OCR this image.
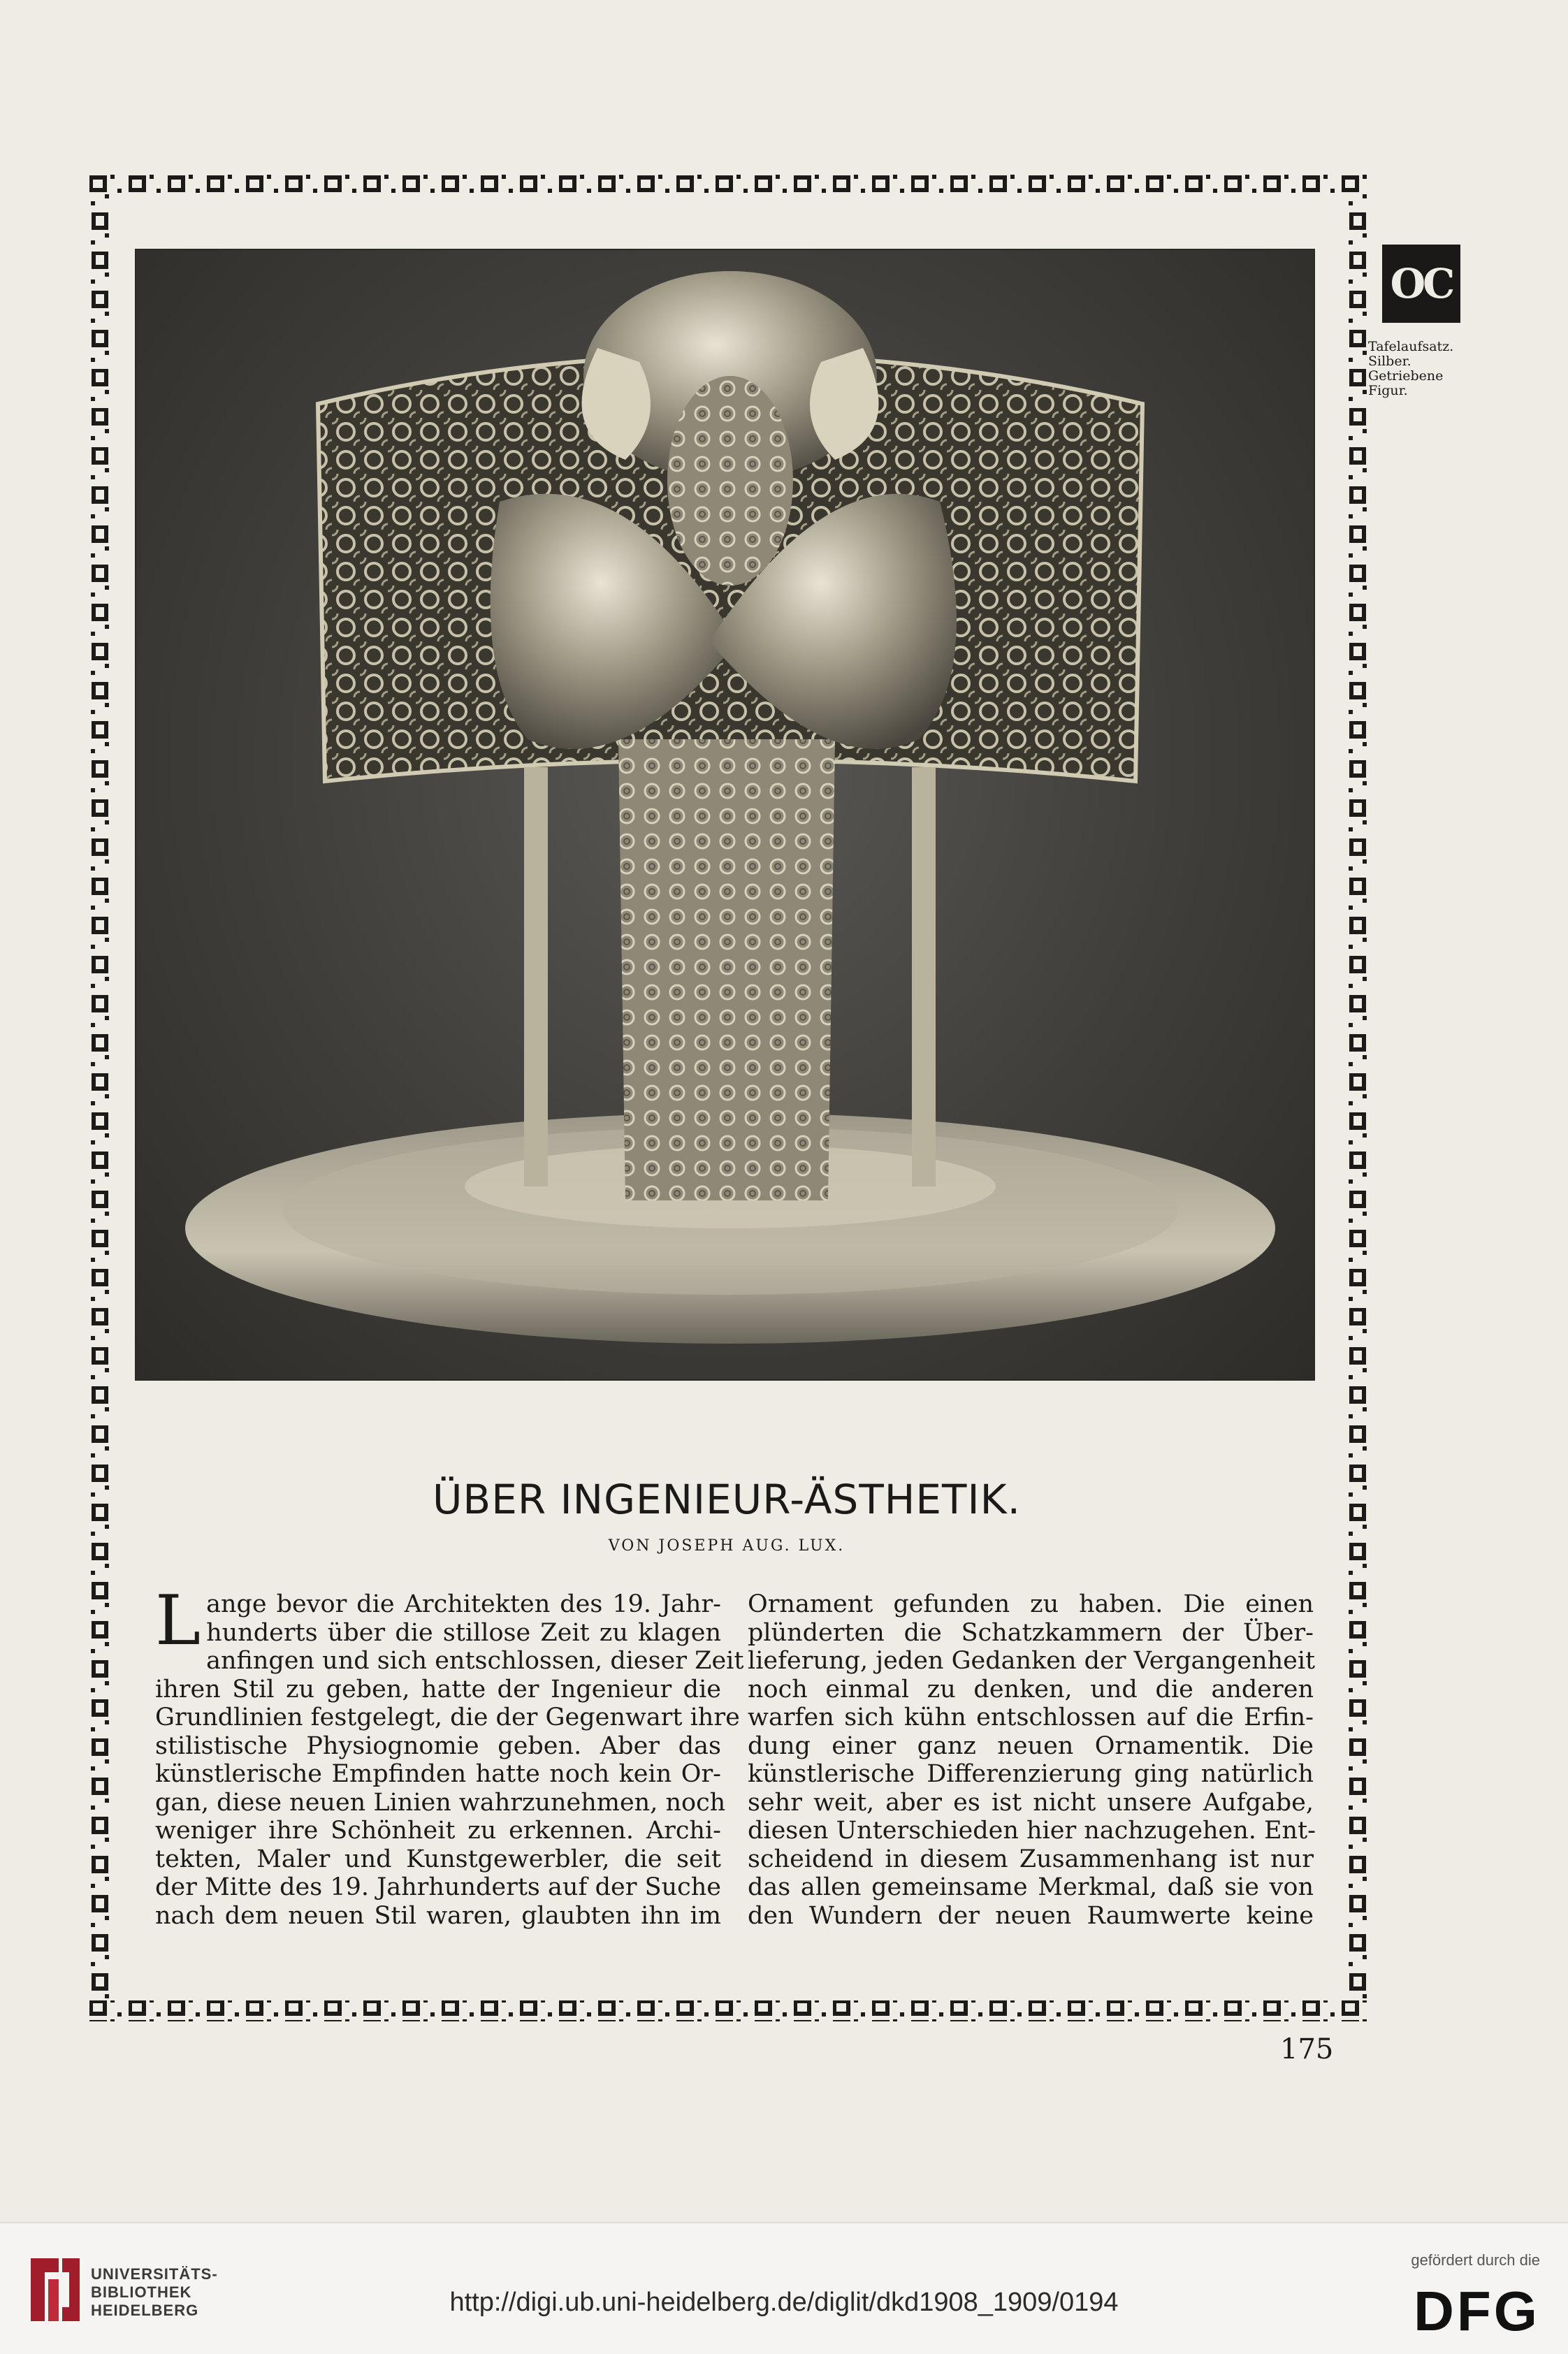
OC
Tafelaufsatz.
Silber.
Getriebene
Figur.
ÜBER INGENIEUR-ÄSTHETIK.
VON JOSEPH AUG. LUX.
L ange bevor die Architekten des 19. Jahr-
hunderts über die stillose Zeit zu klagen
anfingen und sich entschlossen, dieser Zeit
ihren Stil zu geben, hatte der Ingenieur die
Grundlinien festgelegt, die der Gegenwart ihre
stilistische Physiognomie geben. Aber das
künstlerische Empfinden hatte noch kein Or-
gan, diese neuen Linien wahrzunehmen, noch
weniger ihre Schönheit zu erkennen. Archi-
tekten, Maler und Kunstgewerbler, die seit
der Mitte des 19. Jahrhunderts auf der Suche
nach dem neuen Stil waren, glaubten ihn im
Ornament gefunden zu haben. Die einen
plünderten die Schatzkammern der Über-
lieferung, jeden Gedanken der Vergangenheit
noch einmal zu denken, und die anderen
warfen sich kühn entschlossen auf die Erfin-
dung einer ganz neuen Ornamentik. Die
künstlerische Differenzierung ging natürlich
sehr weit, aber es ist nicht unsere Aufgabe,
diesen Unterschieden hier nachzugehen. Ent-
scheidend in diesem Zusammenhang ist nur
das allen gemeinsame Merkmal, daß sie von
den Wundern der neuen Raumwerte keine
175
UNIVERSITÄTS-
BIBLIOTHEK
HEIDELBERG	http://digi.ub.uni-heidelberg.de/diglit/dkd1908_1909/0194
gefördert durch die
DFG
